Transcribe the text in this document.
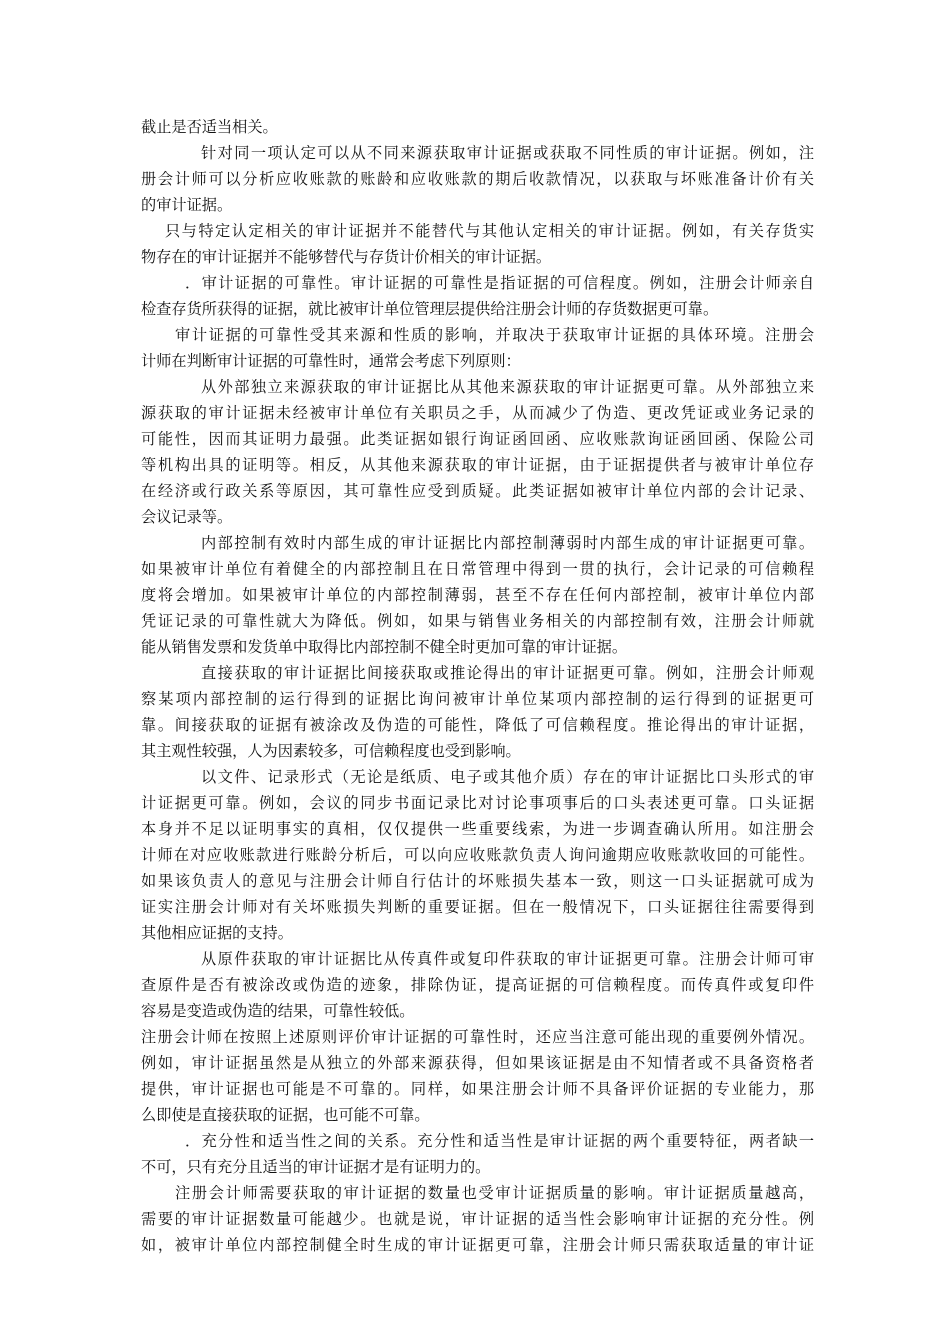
截止是否适当相关。
针对同一项认定可以从不同来源获取审计证据或获取不同性质的审计证据。例如，注
册会计师可以分析应收账款的账龄和应收账款的期后收款情况，以获取与坏账准备计价有关
的审计证据。
只与特定认定相关的审计证据并不能替代与其他认定相关的审计证据。例如，有关存货实
物存在的审计证据并不能够替代与存货计价相关的审计证据。
．审计证据的可靠性。审计证据的可靠性是指证据的可信程度。例如，注册会计师亲自
检查存货所获得的证据，就比被审计单位管理层提供给注册会计师的存货数据更可靠。
审计证据的可靠性受其来源和性质的影响，并取决于获取审计证据的具体环境。注册会
计师在判断审计证据的可靠性时，通常会考虑下列原则：
从外部独立来源获取的审计证据比从其他来源获取的审计证据更可靠。从外部独立来
源获取的审计证据未经被审计单位有关职员之手，从而减少了伪造、更改凭证或业务记录的
可能性，因而其证明力最强。此类证据如银行询证函回函、应收账款询证函回函、保险公司
等机构出具的证明等。相反，从其他来源获取的审计证据，由于证据提供者与被审计单位存
在经济或行政关系等原因，其可靠性应受到质疑。此类证据如被审计单位内部的会计记录、
会议记录等。
内部控制有效时内部生成的审计证据比内部控制薄弱时内部生成的审计证据更可靠。
如果被审计单位有着健全的内部控制且在日常管理中得到一贯的执行，会计记录的可信赖程
度将会增加。如果被审计单位的内部控制薄弱，甚至不存在任何内部控制，被审计单位内部
凭证记录的可靠性就大为降低。例如，如果与销售业务相关的内部控制有效，注册会计师就
能从销售发票和发货单中取得比内部控制不健全时更加可靠的审计证据。
直接获取的审计证据比间接获取或推论得出的审计证据更可靠。例如，注册会计师观
察某项内部控制的运行得到的证据比询问被审计单位某项内部控制的运行得到的证据更可
靠。间接获取的证据有被涂改及伪造的可能性，降低了可信赖程度。推论得出的审计证据，
其主观性较强，人为因素较多，可信赖程度也受到影响。
以文件、记录形式（无论是纸质、电子或其他介质）存在的审计证据比口头形式的审
计证据更可靠。例如，会议的同步书面记录比对讨论事项事后的口头表述更可靠。口头证据
本身并不足以证明事实的真相，仅仅提供一些重要线索，为进一步调查确认所用。如注册会
计师在对应收账款进行账龄分析后，可以向应收账款负责人询问逾期应收账款收回的可能性。
如果该负责人的意见与注册会计师自行估计的坏账损失基本一致，则这一口头证据就可成为
证实注册会计师对有关坏账损失判断的重要证据。但在一般情况下，口头证据往往需要得到
其他相应证据的支持。
从原件获取的审计证据比从传真件或复印件获取的审计证据更可靠。注册会计师可审
查原件是否有被涂改或伪造的迹象，排除伪证，提高证据的可信赖程度。而传真件或复印件
容易是变造或伪造的结果，可靠性较低。
注册会计师在按照上述原则评价审计证据的可靠性时，还应当注意可能出现的重要例外情况。
例如，审计证据虽然是从独立的外部来源获得，但如果该证据是由不知情者或不具备资格者
提供，审计证据也可能是不可靠的。同样，如果注册会计师不具备评价证据的专业能力，那
么即使是直接获取的证据，也可能不可靠。
．充分性和适当性之间的关系。充分性和适当性是审计证据的两个重要特征，两者缺一
不可，只有充分且适当的审计证据才是有证明力的。
注册会计师需要获取的审计证据的数量也受审计证据质量的影响。审计证据质量越高，
需要的审计证据数量可能越少。也就是说，审计证据的适当性会影响审计证据的充分性。例
如，被审计单位内部控制健全时生成的审计证据更可靠，注册会计师只需获取适量的审计证
